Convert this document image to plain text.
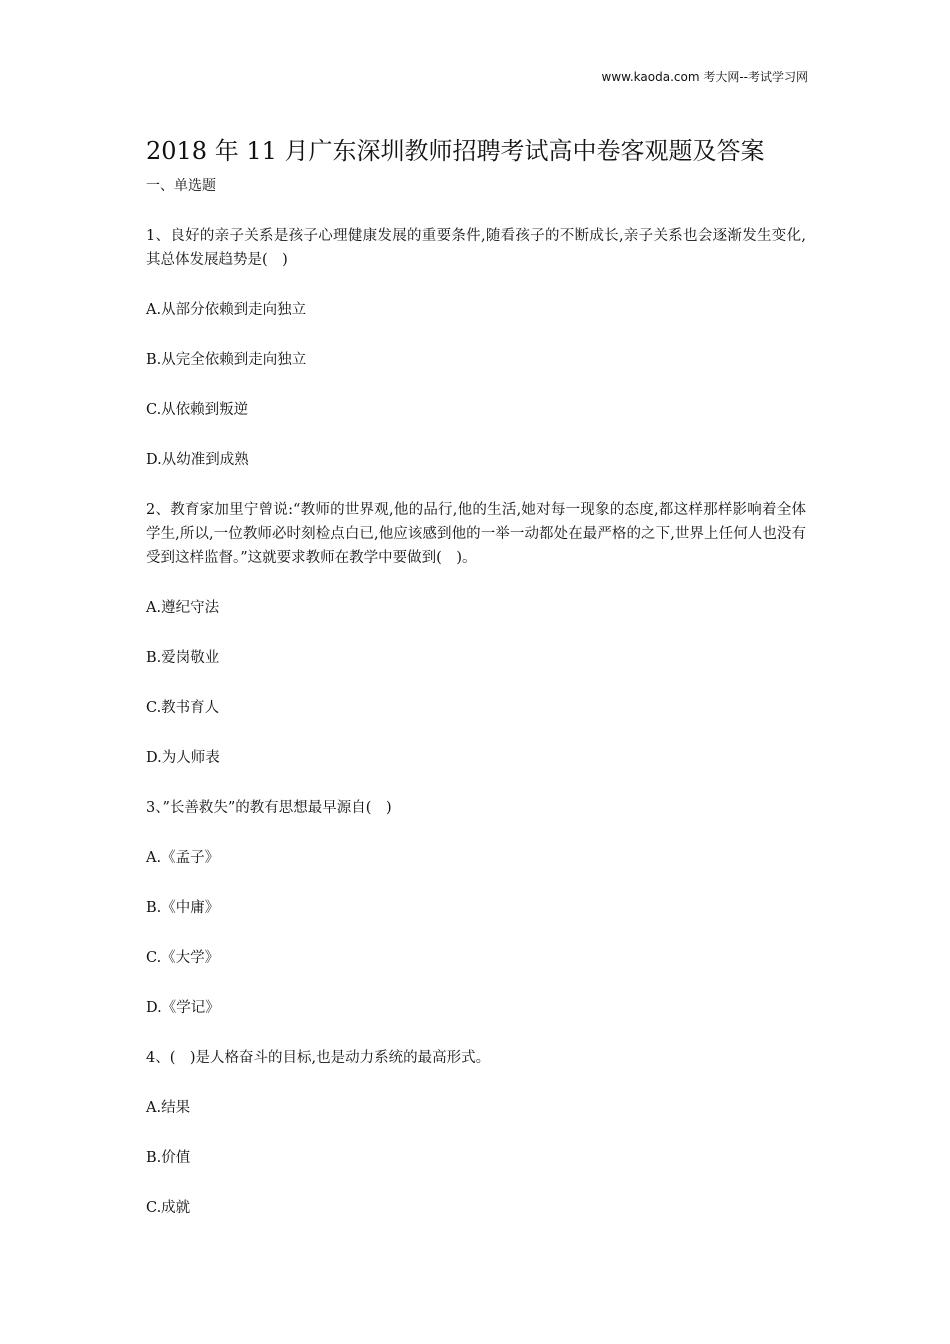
www.kaoda.com 考大网--考试学习网
2018 年 11 月广东深圳教师招聘考试高中卷客观题及答案
一、单选题

1、良好的亲子关系是孩子心理健康发展的重要条件,随看孩子的不断成长,亲子关系也会逐渐发生变化,其总体发展趋势是(　)

A.从部分依赖到走向独立

B.从完全依赖到走向独立

C.从依赖到叛逆

D.从幼准到成熟

2、教育家加里宁曾说:“教师的世界观,他的品行,他的生活,她对每一现象的态度,都这样那样影响着全体学生,所以,一位教师必时刻检点白已,他应该感到他的一举一动都处在最严格的之下,世界上任何人也没有受到这样监督。”这就要求教师在教学中要做到(　)。

A.遵纪守法

B.爱岗敬业

C.教书育人

D.为人师表

3、”长善救失”的教有思想最早源自(　)

A.《孟子》

B.《中庸》

C.《大学》

D.《学记》

4、(　)是人格奋斗的目标,也是动力系统的最高形式。

A.结果

B.价值

C.成就
